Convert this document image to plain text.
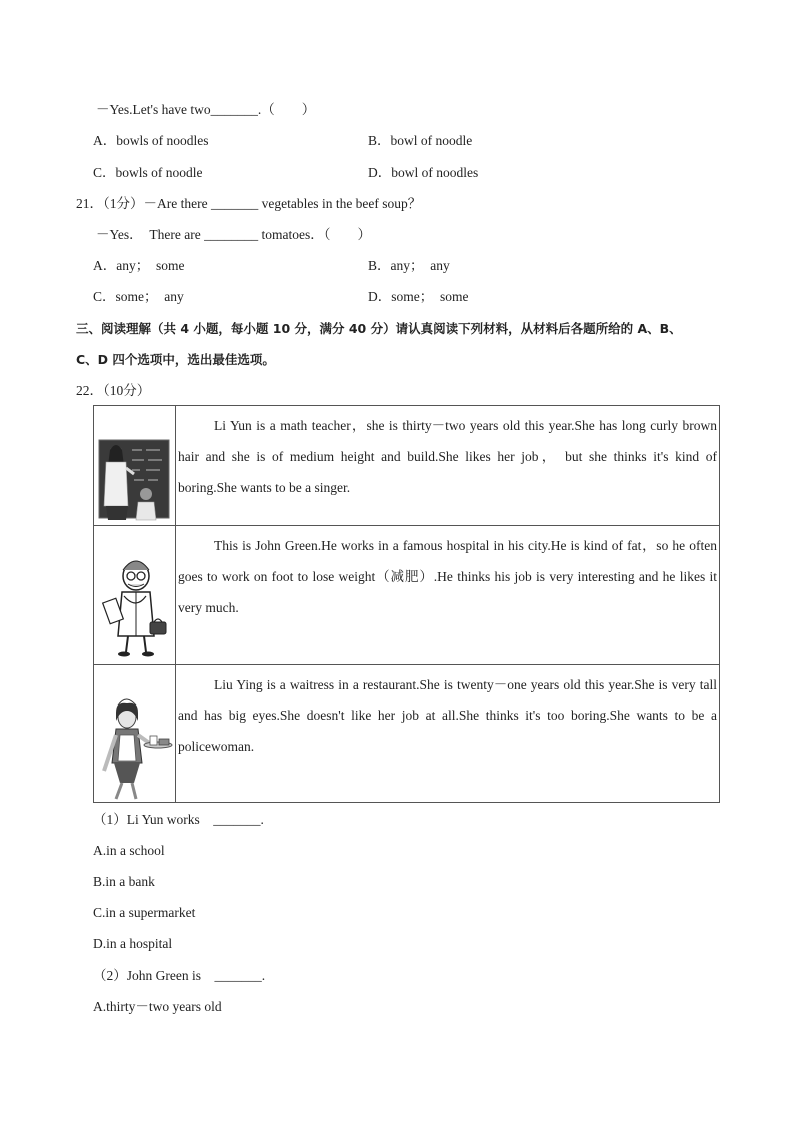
－Yes.Let's have two_______.（　　）
A．bowls of noodles	B．bowl of noodle
C．bowls of noodle	D．bowl of noodles
21．（1分）－Are there _______ vegetables in the beef soup？
－Yes．　There are ________ tomatoes．（　　）
A．any；　some	B．any；　any
C．some；　any	D．some；　some
三、阅读理解（共 4 小题，每小题 10 分，满分 40 分）请认真阅读下列材料，从材料后各题所给的 A、B、
C、D 四个选项中，选出最佳选项。
22．（10分）

Li Yun is a math teacher，she is thirty－two years old this year.She has long curly brown hair and she is of medium height and build.She likes her job， but she thinks it's kind of boring.She wants to be a singer.

This is John Green.He works in a famous hospital in his city.He is kind of fat，so he often goes to work on foot to lose weight（减肥）.He thinks his job is very interesting and he likes it very much.

Liu Ying is a waitress in a restaurant.She is twenty－one years old this year.She is very tall and has big eyes.She doesn't like her job at all.She thinks it's too boring.She wants to be a policewoman.

（1）Li Yun works　_______.
A.in a school
B.in a bank
C.in a supermarket
D.in a hospital
（2）John Green is　_______.
A.thirty－two years old
